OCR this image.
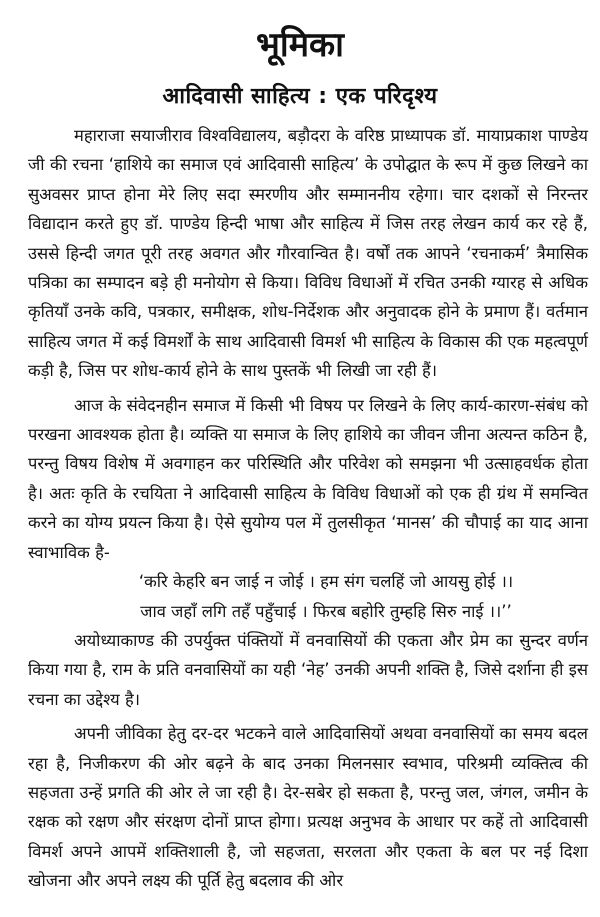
भूमिका
आदिवासी साहित्य : एक परिदृश्य

महाराजा सयाजीराव विश्वविद्यालय, बड़ौदरा के वरिष्ठ प्राध्यापक डॉ. मायाप्रकाश पाण्डेय जी की रचना ‘हाशिये का समाज एवं आदिवासी साहित्य’ के उपोद्घात के रूप में कुछ लिखने का सुअवसर प्राप्त होना मेरे लिए सदा स्मरणीय और सम्माननीय रहेगा। चार दशकों से निरन्तर विद्यादान करते हुए डॉ. पाण्डेय हिन्दी भाषा और साहित्य में जिस तरह लेखन कार्य कर रहे हैं, उससे हिन्दी जगत पूरी तरह अवगत और गौरवान्वित है। वर्षों तक आपने ‘रचनाकर्म’ त्रैमासिक पत्रिका का सम्पादन बड़े ही मनोयोग से किया। विविध विधाओं में रचित उनकी ग्यारह से अधिक कृतियाँ उनके कवि, पत्रकार, समीक्षक, शोध-निर्देशक और अनुवादक होने के प्रमाण हैं। वर्तमान साहित्य जगत में कई विमर्शों के साथ आदिवासी विमर्श भी साहित्य के विकास की एक महत्वपूर्ण कड़ी है, जिस पर शोध-कार्य होने के साथ पुस्तकें भी लिखी जा रही हैं।

आज के संवेदनहीन समाज में किसी भी विषय पर लिखने के लिए कार्य-कारण-संबंध को परखना आवश्यक होता है। व्यक्ति या समाज के लिए हाशिये का जीवन जीना अत्यन्त कठिन है, परन्तु विषय विशेष में अवगाहन कर परिस्थिति और परिवेश को समझना भी उत्साहवर्धक होता है। अतः कृति के रचयिता ने आदिवासी साहित्य के विविध विधाओं को एक ही ग्रंथ में समन्वित करने का योग्य प्रयत्न किया है। ऐसे सुयोग्य पल में तुलसीकृत ‘मानस’ की चौपाई का याद आना स्वाभाविक है-

‘करि केहरि बन जाई न जोई । हम संग चलहिं जो आयसु होई ।।

जाव जहाँ लगि तहँ पहुँचाई । फिरब बहोरि तुम्हहि सिरु नाई ।।’’

अयोध्याकाण्ड की उपर्युक्त पंक्तियों में वनवासियों की एकता और प्रेम का सुन्दर वर्णन किया गया है, राम के प्रति वनवासियों का यही ‘नेह’ उनकी अपनी शक्ति है, जिसे दर्शाना ही इस रचना का उद्देश्य है।

अपनी जीविका हेतु दर-दर भटकने वाले आदिवासियों अथवा वनवासियों का समय बदल रहा है, निजीकरण की ओर बढ़ने के बाद उनका मिलनसार स्वभाव, परिश्रमी व्यक्तित्व की सहजता उन्हें प्रगति की ओर ले जा रही है। देर-सबेर हो सकता है, परन्तु जल, जंगल, जमीन के रक्षक को रक्षण और संरक्षण दोनों प्राप्त होगा। प्रत्यक्ष अनुभव के आधार पर कहें तो आदिवासी विमर्श अपने आपमें शक्तिशाली है, जो सहजता, सरलता और एकता के बल पर नई दिशा खोजना और अपने लक्ष्य की पूर्ति हेतु बदलाव की ओर
